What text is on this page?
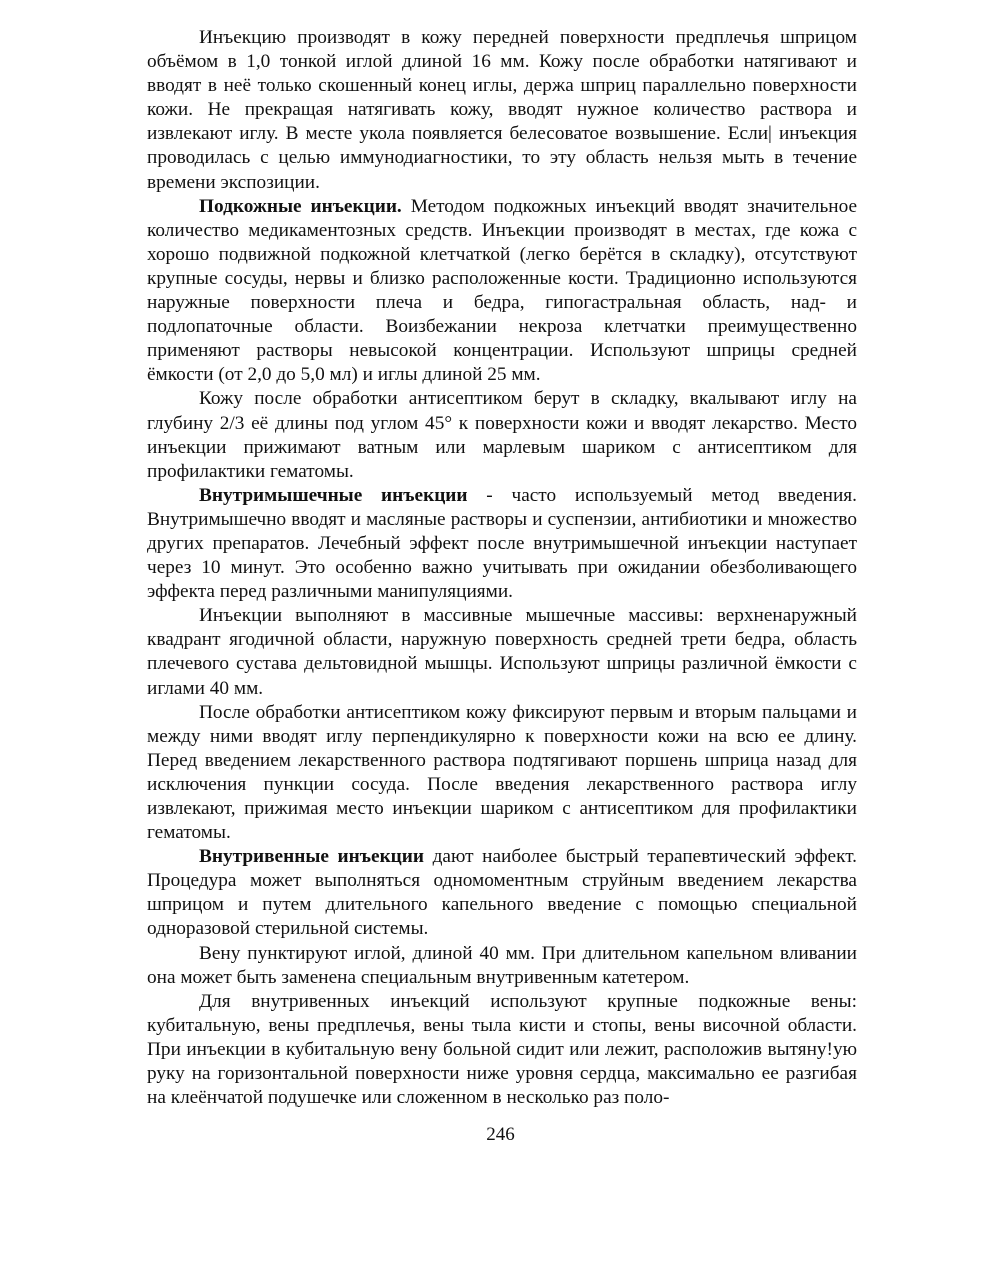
Инъекцию производят в кожу передней поверхности предплечья шприцом объёмом в 1,0 тонкой иглой длиной 16 мм. Кожу после обработки натягивают и вводят в неё только скошенный конец иглы, держа шприц параллельно поверхности кожи. Не прекращая натягивать кожу, вводят нужное количество раствора и извлекают иглу. В месте укола появляется белесоватое возвышение. Если| инъекция проводилась с целью иммунодиагностики, то эту область нельзя мыть в течение времени экспозиции.

Подкожные инъекции. Методом подкожных инъекций вводят значительное количество медикаментозных средств. Инъекции производят в местах, где кожа с хорошо подвижной подкожной клетчаткой (легко берётся в складку), отсутствуют крупные сосуды, нервы и близко расположенные кости. Традиционно используются наружные поверхности плеча и бедра, гипогастральная область, над- и подлопаточные области. Воизбежании некроза клетчатки преимущественно применяют растворы невысокой концентрации. Используют шприцы средней ёмкости (от 2,0 до 5,0 мл) и иглы длиной 25 мм.

Кожу после обработки антисептиком берут в складку, вкалывают иглу на глубину 2/3 её длины под углом 45° к поверхности кожи и вводят лекарство. Место инъекции прижимают ватным или марлевым шариком с антисептиком для профилактики гематомы.

Внутримышечные инъекции - часто используемый метод введения. Внутримышечно вводят и масляные растворы и суспензии, антибиотики и множество других препаратов. Лечебный эффект после внутримышечной инъекции наступает через 10 минут. Это особенно важно учитывать при ожидании обезболивающего эффекта перед различными манипуляциями.

Инъекции выполняют в массивные мышечные массивы: верхненаружный квадрант ягодичной области, наружную поверхность средней трети бедра, область плечевого сустава дельтовидной мышцы. Используют шприцы различной ёмкости с иглами 40 мм.

После обработки антисептиком кожу фиксируют первым и вторым пальцами и между ними вводят иглу перпендикулярно к поверхности кожи на всю ее длину. Перед введением лекарственного раствора подтягивают поршень шприца назад для исключения пункции сосуда. После введения лекарственного раствора иглу извлекают, прижимая место инъекции шариком с антисептиком для профилактики гематомы.

Внутривенные инъекции дают наиболее быстрый терапевтический эффект. Процедура может выполняться одномоментным струйным введением лекарства шприцом и путем длительного капельного введение с помощью специальной одноразовой стерильной системы.

Вену пунктируют иглой, длиной 40 мм. При длительном капельном вливании она может быть заменена специальным внутривенным катетером.

Для внутривенных инъекций используют крупные подкожные вены: кубитальную, вены предплечья, вены тыла кисти и стопы, вены височной области. При инъекции в кубитальную вену больной сидит или лежит, расположив вытяну!ую руку на горизонтальной поверхности ниже уровня сердца, максимально ее разгибая на клеёнчатой подушечке или сложенном в несколько раз поло-

246
